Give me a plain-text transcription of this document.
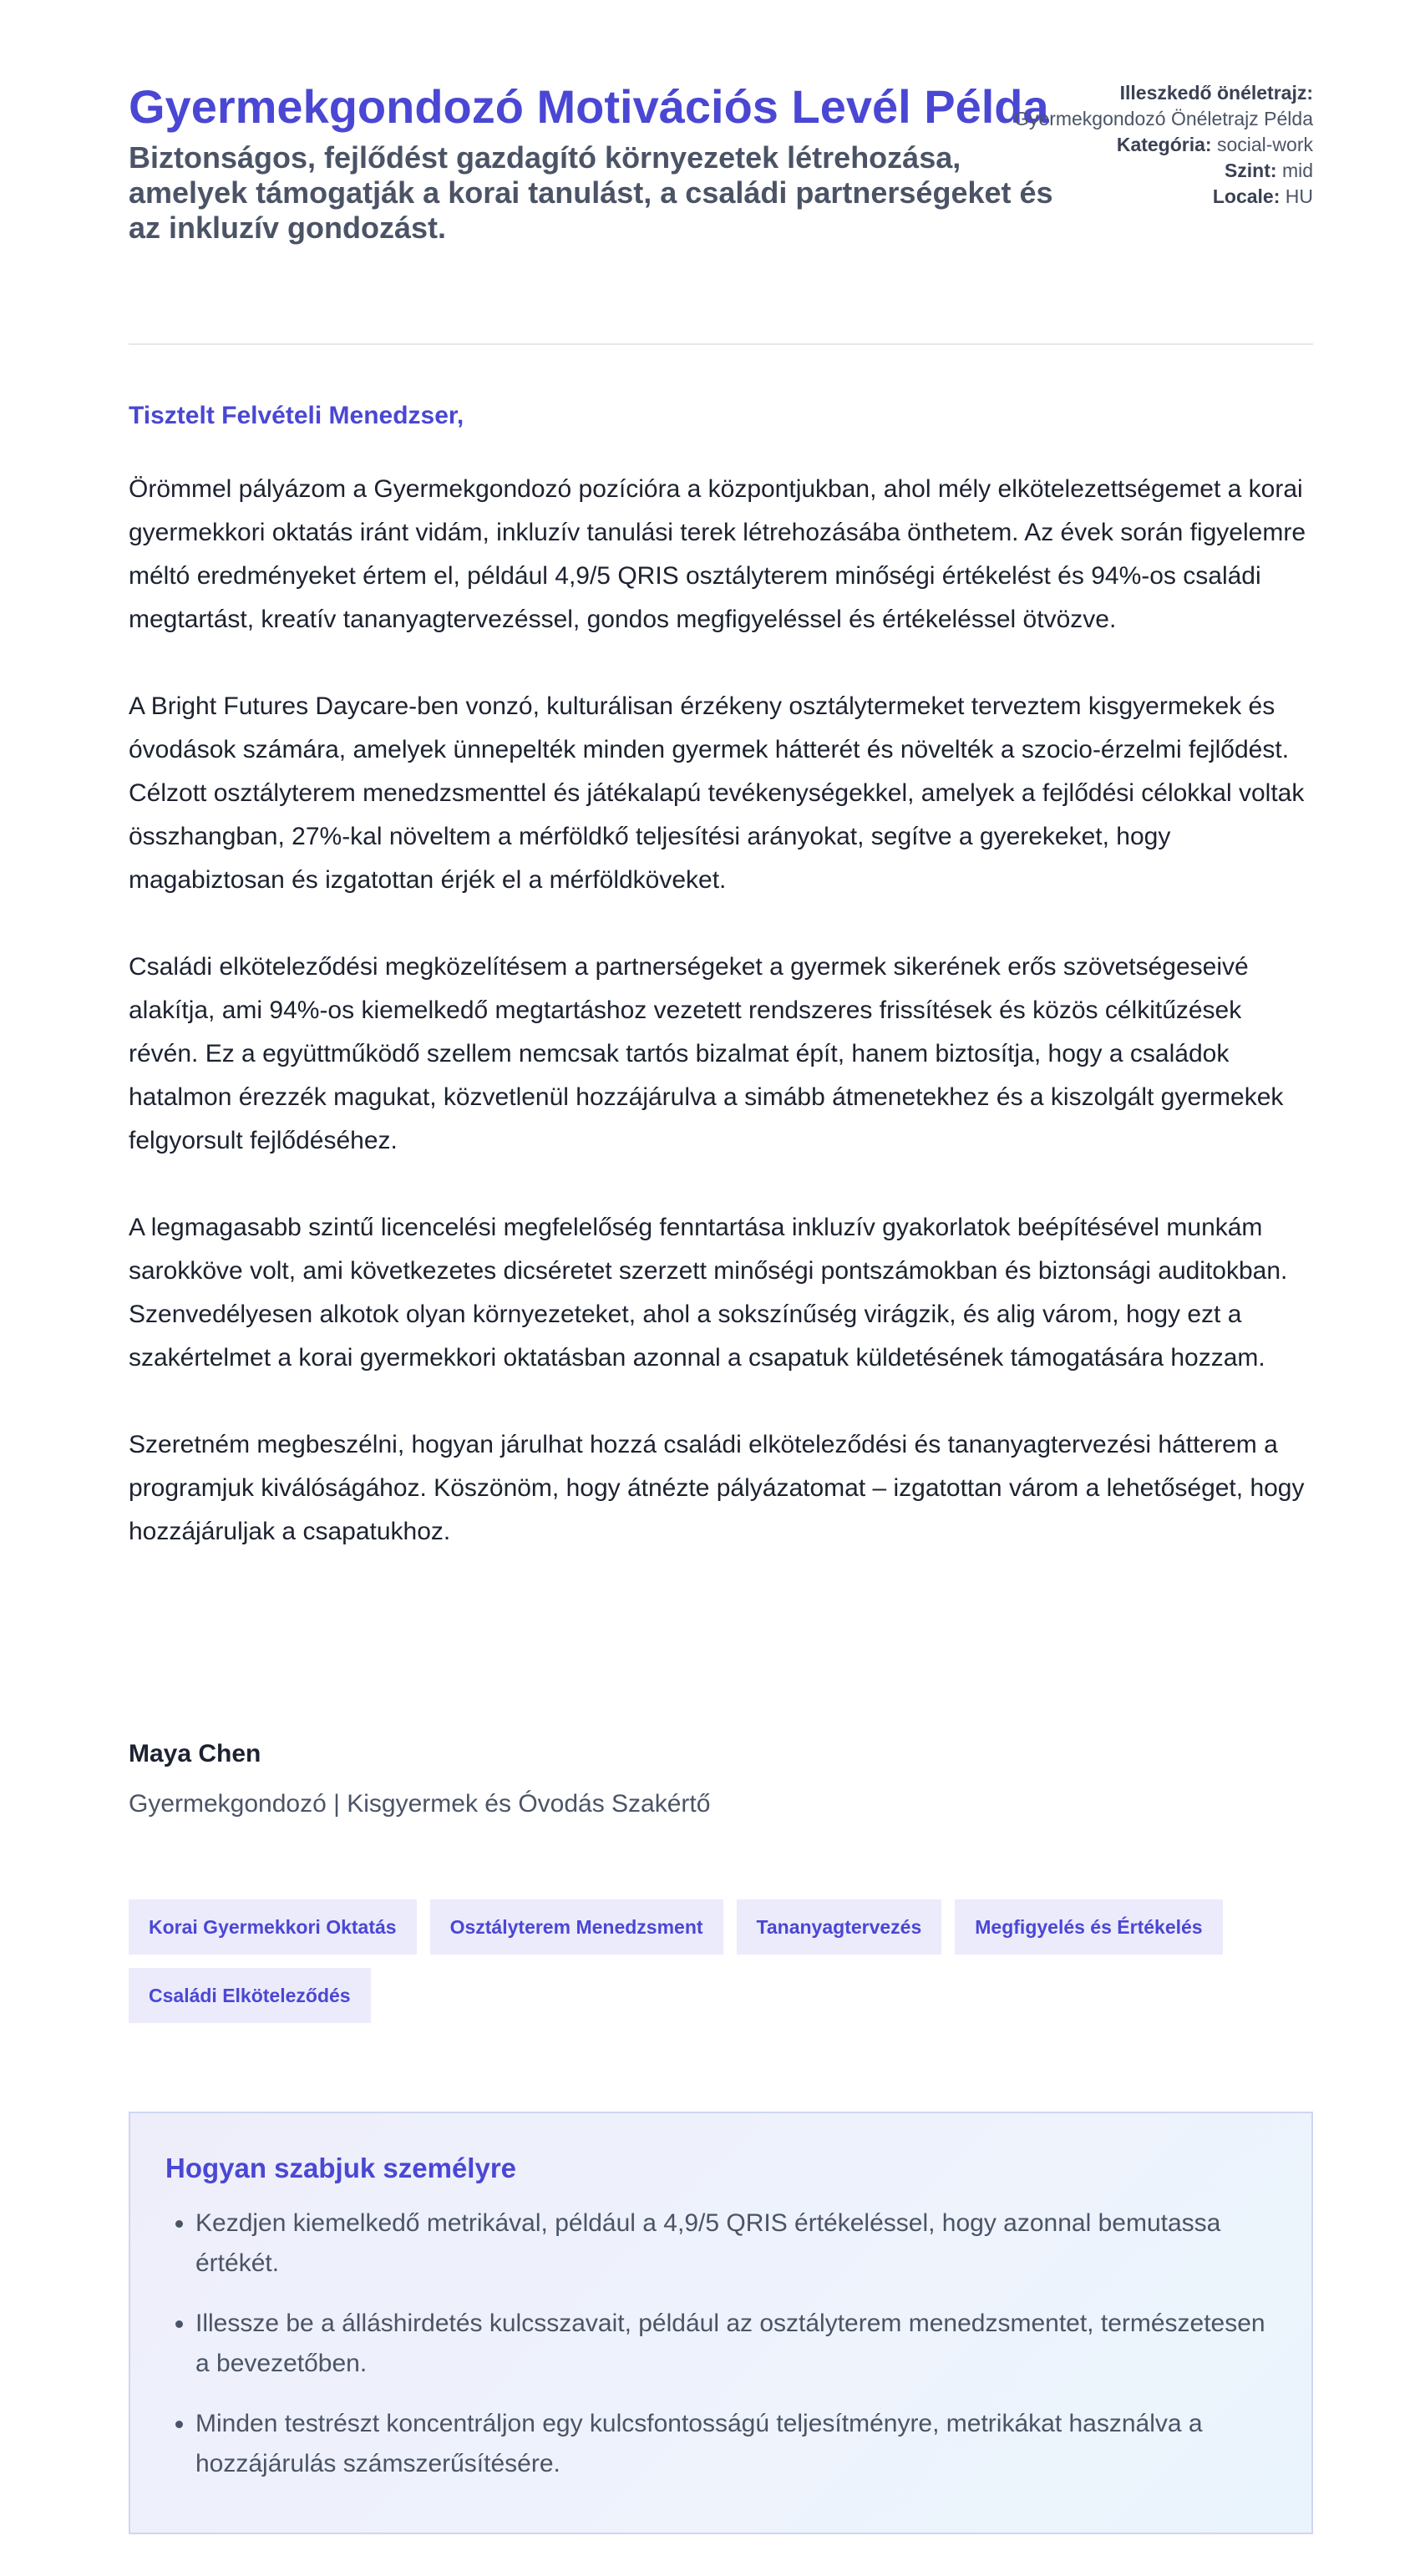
Gyermekgondozó Motivációs Levél Példa

Biztonságos, fejlődést gazdagító környezetek létrehozása, amelyek támogatják a korai tanulást, a családi partnerségeket és az inkluzív gondozást.

Illeszkedő önéletrajz:
Gyermekgondozó Önéletrajz Példa

Kategória: social-work

Szint: mid

Locale: HU

Tisztelt Felvételi Menedzser,

Örömmel pályázom a Gyermekgondozó pozícióra a központjukban, ahol mély elkötelezettségemet a korai gyermekkori oktatás iránt vidám, inkluzív tanulási terek létrehozásába önthetem. Az évek során figyelemre méltó eredményeket értem el, például 4,9/5 QRIS osztályterem minőségi értékelést és 94%-os családi megtartást, kreatív tananyagtervezéssel, gondos megfigyeléssel és értékeléssel ötvözve.

A Bright Futures Daycare-ben vonzó, kulturálisan érzékeny osztálytermeket terveztem kisgyermekek és óvodások számára, amelyek ünnepelték minden gyermek hátterét és növelték a szocio-érzelmi fejlődést. Célzott osztályterem menedzsmenttel és játékalapú tevékenységekkel, amelyek a fejlődési célokkal voltak összhangban, 27%-kal növeltem a mérföldkő teljesítési arányokat, segítve a gyerekeket, hogy magabiztosan és izgatottan érjék el a mérföldköveket.

Családi elköteleződési megközelítésem a partnerségeket a gyermek sikerének erős szövetségeseivé alakítja, ami 94%-os kiemelkedő megtartáshoz vezetett rendszeres frissítések és közös célkitűzések révén. Ez a együttműködő szellem nemcsak tartós bizalmat épít, hanem biztosítja, hogy a családok hatalmon érezzék magukat, közvetlenül hozzájárulva a simább átmenetekhez és a kiszolgált gyermekek felgyorsult fejlődéséhez.

A legmagasabb szintű licencelési megfelelőség fenntartása inkluzív gyakorlatok beépítésével munkám sarokköve volt, ami következetes dicséretet szerzett minőségi pontszámokban és biztonsági auditokban. Szenvedélyesen alkotok olyan környezeteket, ahol a sokszínűség virágzik, és alig várom, hogy ezt a szakértelmet a korai gyermekkori oktatásban azonnal a csapatuk küldetésének támogatására hozzam.

Szeretném megbeszélni, hogyan járulhat hozzá családi elköteleződési és tananyagtervezési hátterem a programjuk kiválóságához. Köszönöm, hogy átnézte pályázatomat – izgatottan várom a lehetőséget, hogy hozzájáruljak a csapatukhoz.

Maya Chen

Gyermekgondozó | Kisgyermek és Óvodás Szakértő

Korai Gyermekkori Oktatás	Osztályterem Menedzsment	Tananyagtervezés	Megfigyelés és Értékelés
Családi Elköteleződés

Hogyan szabjuk személyre

• Kezdjen kiemelkedő metrikával, például a 4,9/5 QRIS értékeléssel, hogy azonnal bemutassa értékét.
• Illessze be a álláshirdetés kulcsszavait, például az osztályterem menedzsmentet, természetesen a bevezetőben.
• Minden testrészt koncentráljon egy kulcsfontosságú teljesítményre, metrikákat használva a hozzájárulás számszerűsítésére.
